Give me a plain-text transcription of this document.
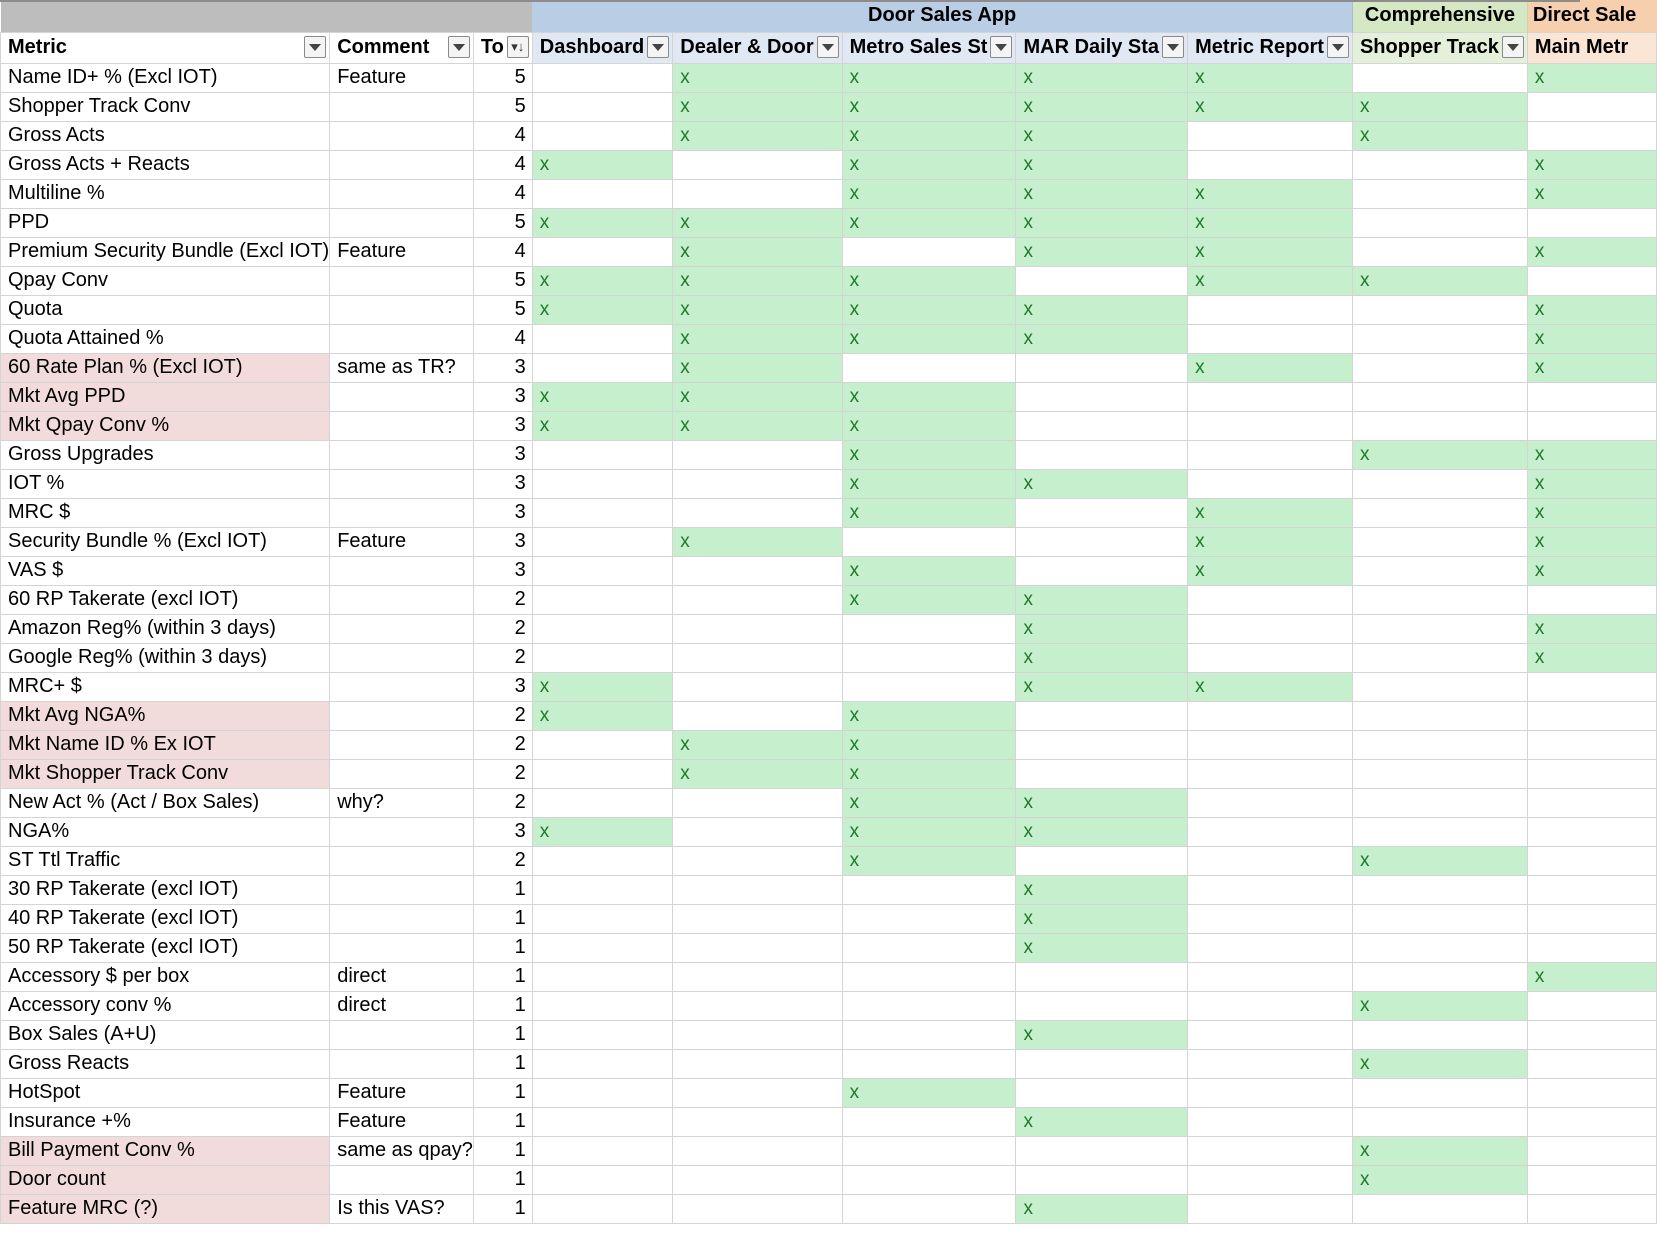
			Door Sales App					Comprehensive	Direct Sale
Metric	Comment	To ▾↓	Dashboard	Dealer & Door	Metro Sales St	MAR Daily Sta	Metric Report	Shopper Track	Main Metr
Name ID+ % (Excl IOT)	Feature	5		x	x	x	x		x
Shopper Track Conv		5		x	x	x	x	x	
Gross Acts		4		x	x	x		x	
Gross Acts + Reacts		4	x		x	x			x
Multiline %		4			x	x	x		x
PPD		5	x	x	x	x	x		
Premium Security Bundle (Excl IOT)	Feature	4		x		x	x		x
Qpay Conv		5	x	x	x		x	x	
Quota		5	x	x	x	x			x
Quota Attained %		4		x	x	x			x
60 Rate Plan % (Excl IOT)	same as TR?	3		x			x		x
Mkt Avg PPD		3	x	x	x				
Mkt Qpay Conv %		3	x	x	x				
Gross Upgrades		3			x			x	x
IOT %		3			x	x			x
MRC $		3			x		x		x
Security Bundle % (Excl IOT)	Feature	3		x			x		x
VAS $		3			x		x		x
60 RP Takerate (excl IOT)		2			x	x			
Amazon Reg% (within 3 days)		2				x			x
Google Reg% (within 3 days)		2				x			x
MRC+ $		3	x			x	x		
Mkt Avg NGA%		2	x		x				
Mkt Name ID % Ex IOT		2		x	x				
Mkt Shopper Track Conv		2		x	x				
New Act % (Act / Box Sales)	why?	2			x	x			
NGA%		3	x		x	x			
ST Ttl Traffic		2			x			x	
30 RP Takerate (excl IOT)		1				x			
40 RP Takerate (excl IOT)		1				x			
50 RP Takerate (excl IOT)		1				x			
Accessory $ per box	direct	1							x
Accessory conv %	direct	1						x	
Box Sales (A+U)		1				x			
Gross Reacts		1						x	
HotSpot	Feature	1			x				
Insurance +%	Feature	1				x			
Bill Payment Conv %	same as qpay?	1						x	
Door count		1						x	
Feature MRC (?)	Is this VAS?	1				x			
